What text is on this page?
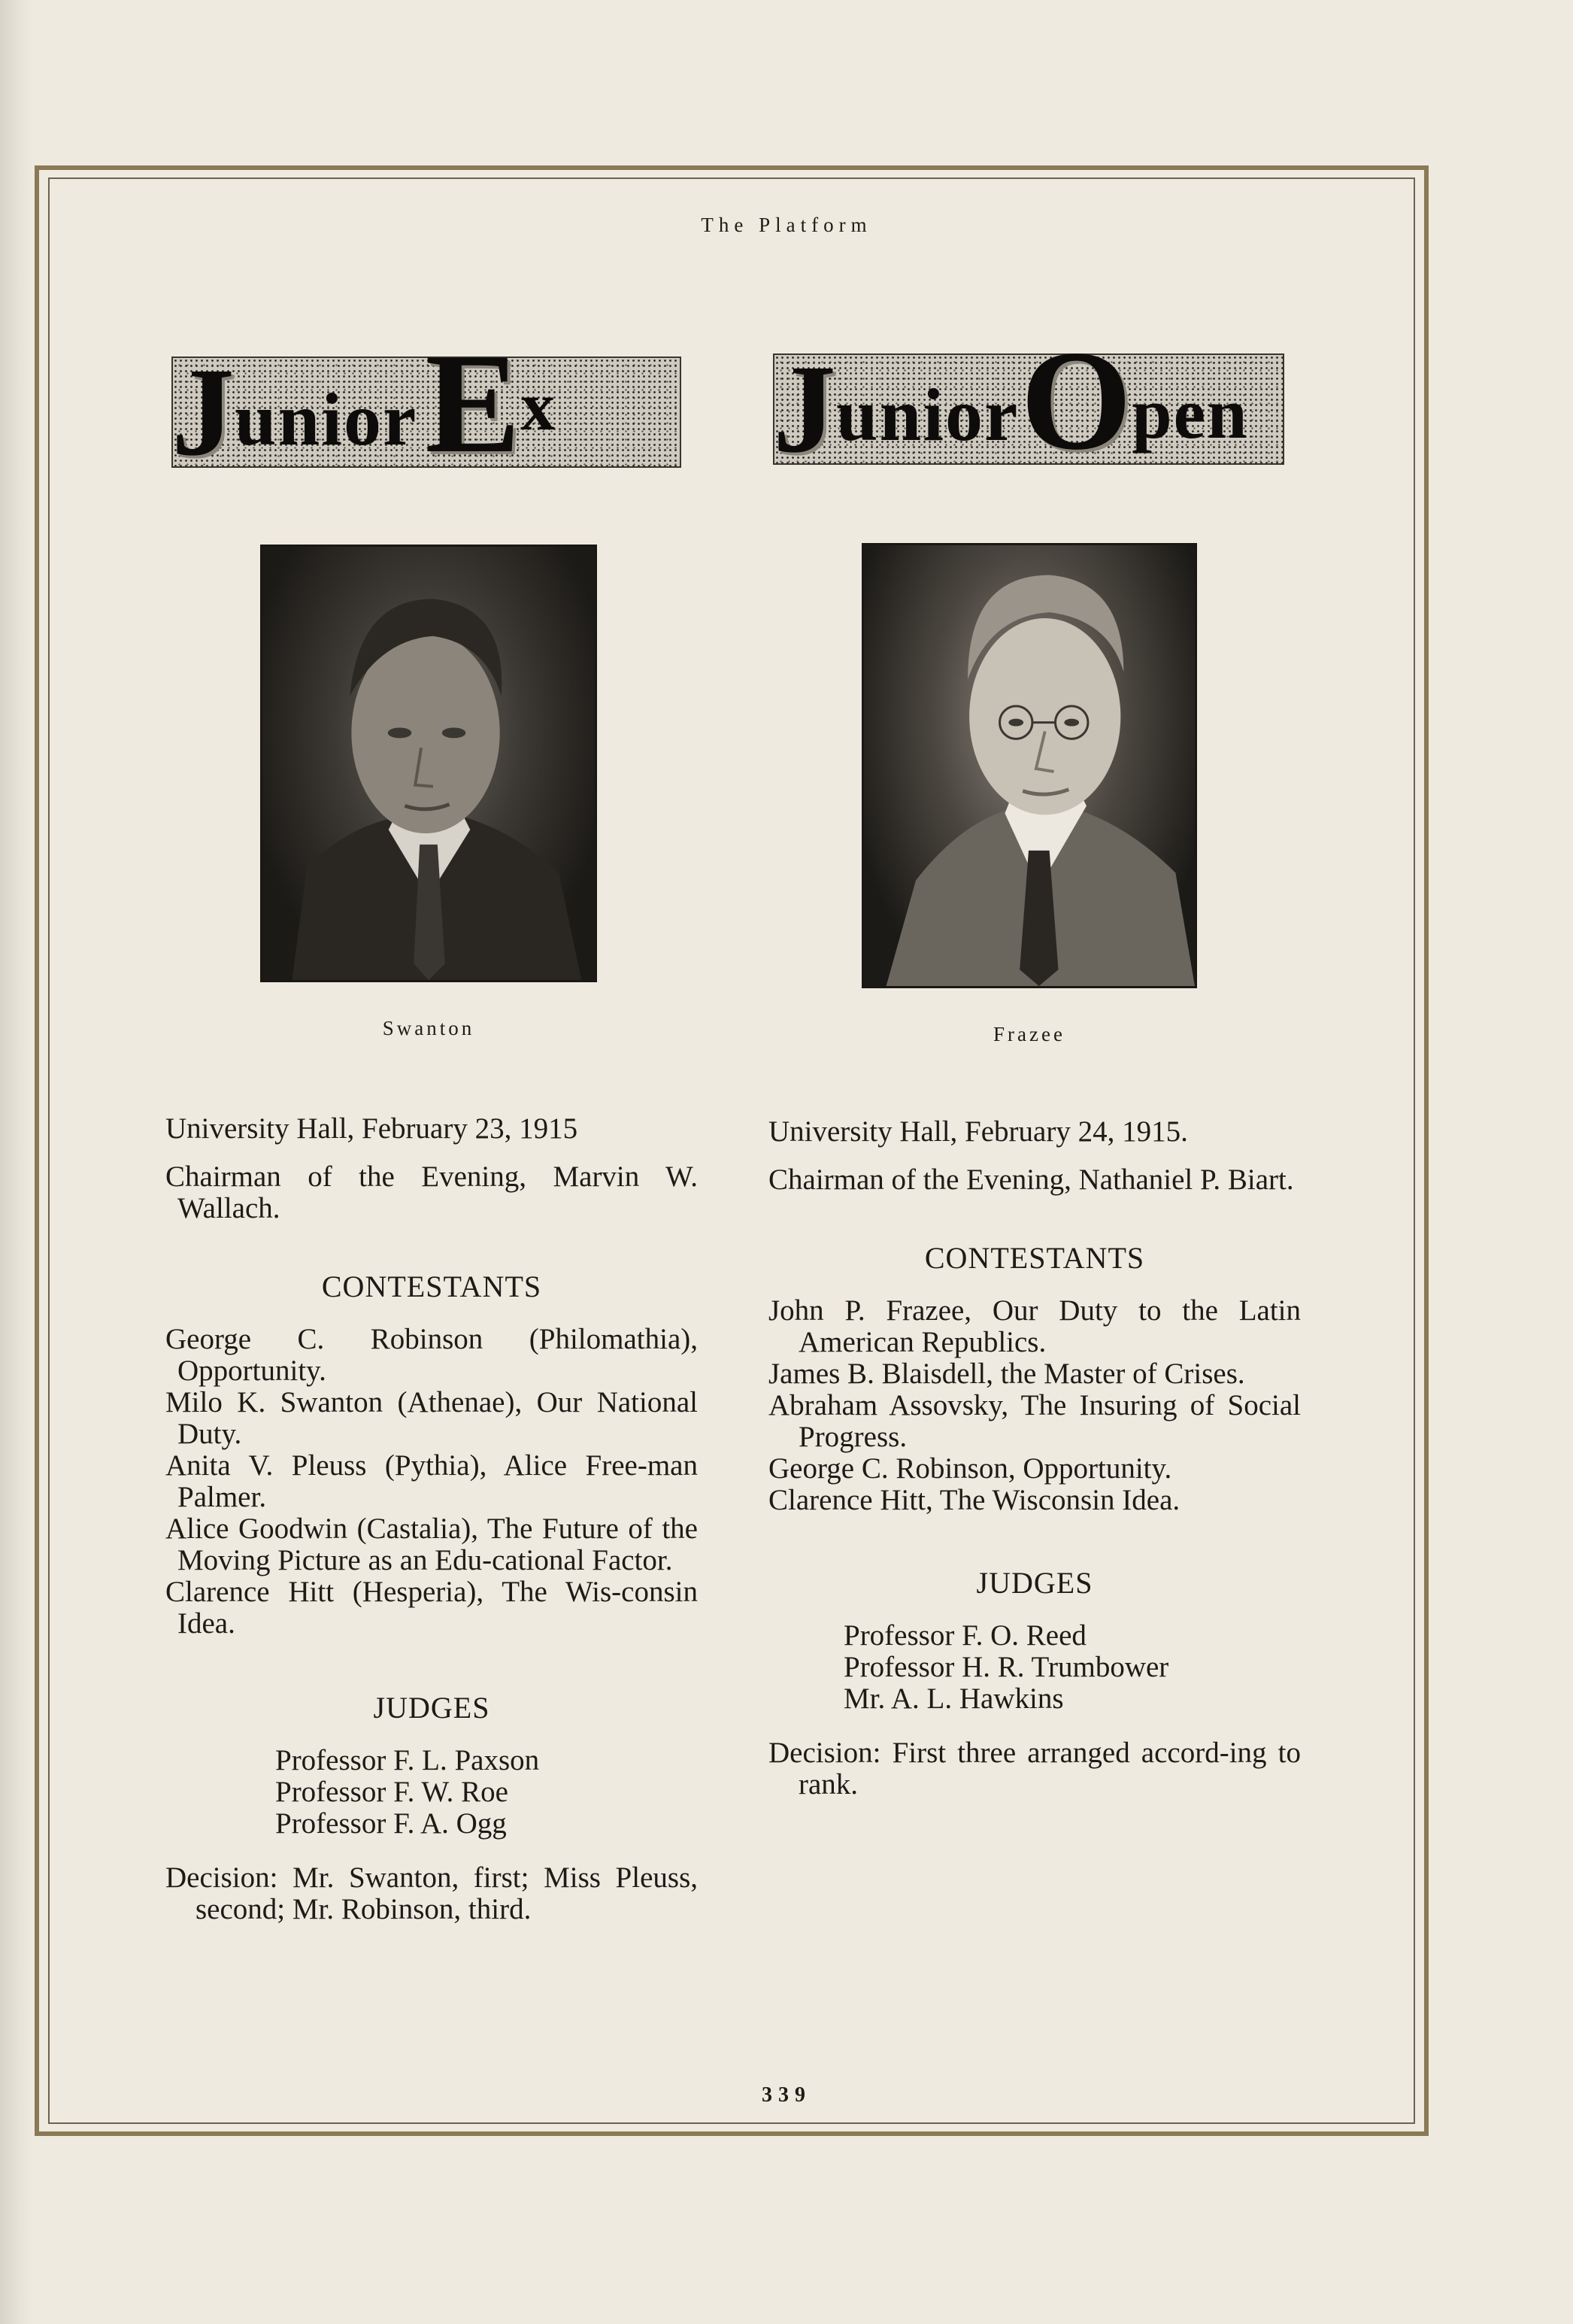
The Platform
J unior E x J unior O pen
Swanton	Frazee
University Hall, February 23, 1915
Chairman of the Evening, Marvin W. Wallach.
CONTESTANTS
George C. Robinson (Philomathia), Opportunity.
Milo K. Swanton (Athenae), Our National Duty.
Anita V. Pleuss (Pythia), Alice Free-man Palmer.
Alice Goodwin (Castalia), The Future of the Moving Picture as an Edu-cational Factor.
Clarence Hitt (Hesperia), The Wis-consin Idea.
JUDGES
Professor F. L. Paxson
Professor F. W. Roe
Professor F. A. Ogg
Decision: Mr. Swanton, first; Miss Pleuss, second; Mr. Robinson, third.
University Hall, February 24, 1915.
Chairman of the Evening, Nathaniel P. Biart.
CONTESTANTS
John P. Frazee, Our Duty to the Latin American Republics.
James B. Blaisdell, the Master of Crises.
Abraham Assovsky, The Insuring of Social Progress.
George C. Robinson, Opportunity.
Clarence Hitt, The Wisconsin Idea.
JUDGES
Professor F. O. Reed
Professor H. R. Trumbower
Mr. A. L. Hawkins
Decision: First three arranged accord-ing to rank.
339
